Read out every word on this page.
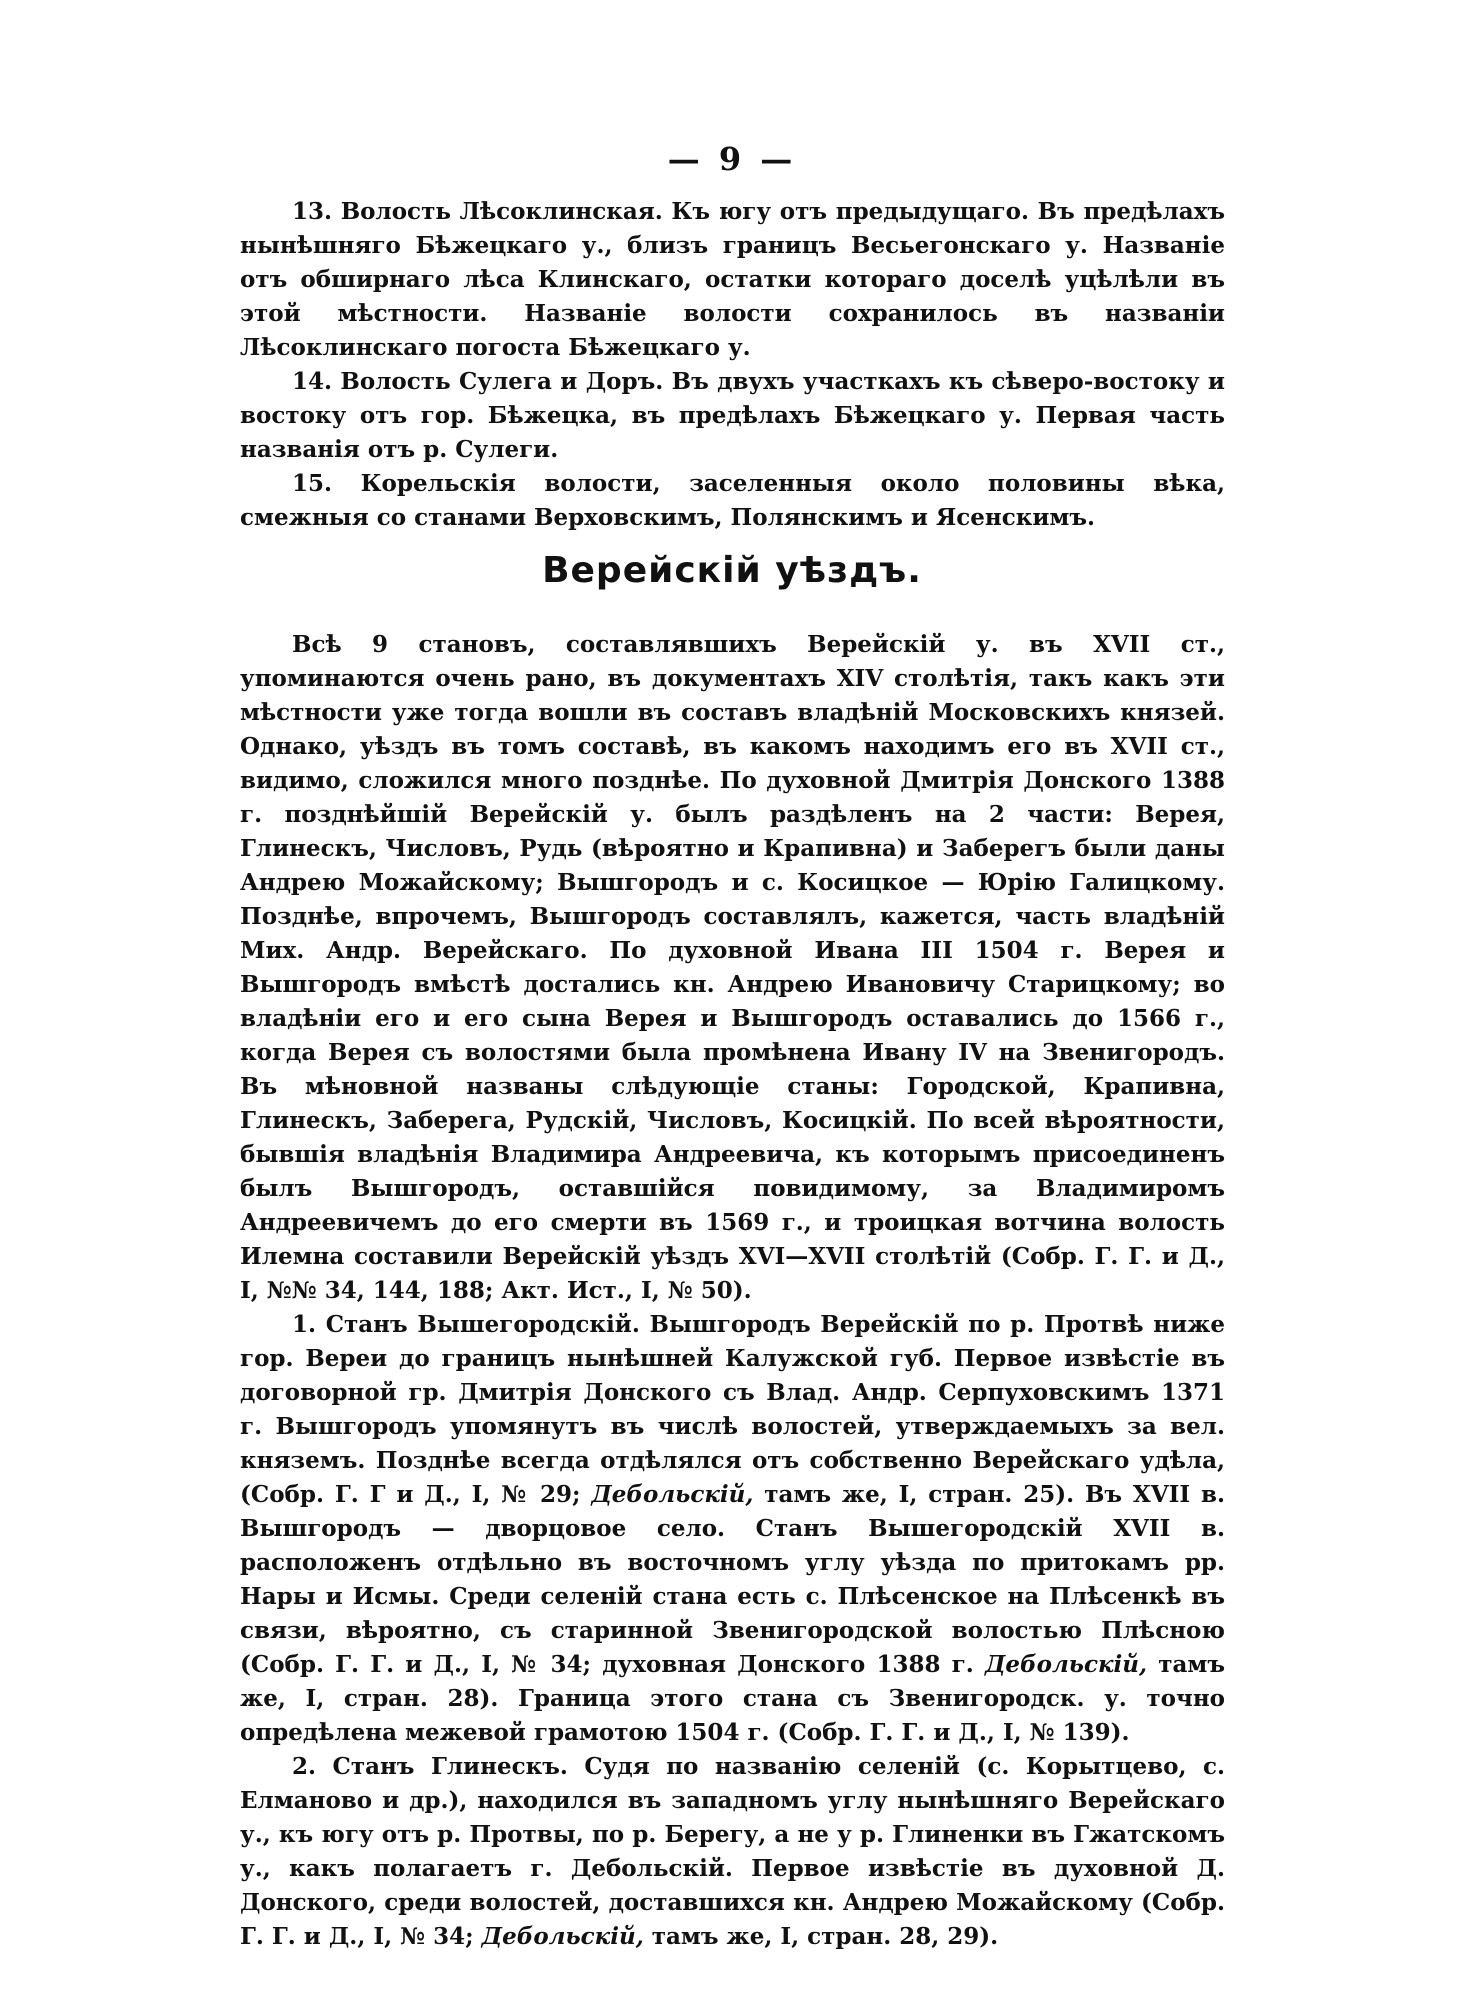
— 9 —

13. Волость Лѣсоклинская. Къ югу отъ предыдущаго. Въ предѣлахъ нынѣшняго Бѣжецкаго у., близъ границъ Весьегонскаго у. Названіе отъ обширнаго лѣса Клинскаго, остатки котораго доселѣ уцѣлѣли въ этой мѣстности. Названіе волости сохранилось въ названіи Лѣсоклинскаго погоста Бѣжецкаго у.

14. Волость Сулега и Доръ. Въ двухъ участкахъ къ сѣверо-востоку и востоку отъ гор. Бѣжецка, въ предѣлахъ Бѣжецкаго у. Первая часть названія отъ р. Сулеги.

15. Корельскія волости, заселенныя около половины вѣка, смежныя со станами Верховскимъ, Полянскимъ и Ясенскимъ.

Верейскій уѣздъ.

Всѣ 9 становъ, составлявшихъ Верейскій у. въ XVII ст., упоминаются очень рано, въ документахъ XIV столѣтія, такъ какъ эти мѣстности уже тогда вошли въ составъ владѣній Московскихъ князей. Однако, уѣздъ въ томъ составѣ, въ какомъ находимъ его въ XVII ст., видимо, сложился много позднѣе. По духовной Дмитрія Донского 1388 г. позднѣйшій Верейскій у. былъ раздѣленъ на 2 части: Верея, Глинескъ, Числовъ, Рудь (вѣроятно и Крапивна) и Заберегъ были даны Андрею Можайскому; Вышгородъ и с. Косицкое — Юрію Галицкому. Позднѣе, впрочемъ, Вышгородъ составлялъ, кажется, часть владѣній Мих. Андр. Верейскаго. По духовной Ивана III 1504 г. Верея и Вышгородъ вмѣстѣ достались кн. Андрею Ивановичу Старицкому; во владѣніи его и его сына Верея и Вышгородъ оставались до 1566 г., когда Верея съ волостями была промѣнена Ивану IV на Звенигородъ. Въ мѣновной названы слѣдующіе станы: Городской, Крапивна, Глинескъ, Заберега, Рудскій, Числовъ, Косицкій. По всей вѣроятности, бывшія владѣнія Владимира Андреевича, къ которымъ присоединенъ былъ Вышгородъ, оставшійся повидимому, за Владимиромъ Андреевичемъ до его смерти въ 1569 г., и троицкая вотчина волость Илемна составили Верейскій уѣздъ XVI—XVII столѣтій (Собр. Г. Г. и Д., I, №№ 34, 144, 188; Акт. Ист., I, № 50).

1. Станъ Вышегородскій. Вышгородъ Верейскій по р. Протвѣ ниже гор. Вереи до границъ нынѣшней Калужской губ. Первое извѣстіе въ договорной гр. Дмитрія Донского съ Влад. Андр. Серпуховскимъ 1371 г. Вышгородъ упомянутъ въ числѣ волостей, утверждаемыхъ за вел. княземъ. Позднѣе всегда отдѣлялся отъ собственно Верейскаго удѣла, (Собр. Г. Г и Д., I, № 29; Дебольскій, тамъ же, I, стран. 25). Въ XVII в. Вышгородъ — дворцовое село. Станъ Вышегородскій XVII в. расположенъ отдѣльно въ восточномъ углу уѣзда по притокамъ рр. Нары и Исмы. Среди селеній стана есть с. Плѣсенское на Плѣсенкѣ въ связи, вѣроятно, съ старинной Звенигородской волостью Плѣсною (Собр. Г. Г. и Д., I, № 34; духовная Донского 1388 г. Дебольскій, тамъ же, I, стран. 28). Граница этого стана съ Звенигородск. у. точно опредѣлена межевой грамотою 1504 г. (Собр. Г. Г. и Д., I, № 139).

2. Станъ Глинескъ. Судя по названію селеній (с. Корытцево, с. Елманово и др.), находился въ западномъ углу нынѣшняго Верейскаго у., къ югу отъ р. Протвы, по р. Берегу, а не у р. Глиненки въ Гжатскомъ у., какъ полагаетъ г. Дебольскій. Первое извѣстіе въ духовной Д. Донского, среди волостей, доставшихся кн. Андрею Можайскому (Собр. Г. Г. и Д., I, № 34; Дебольскій, тамъ же, I, стран. 28, 29).
